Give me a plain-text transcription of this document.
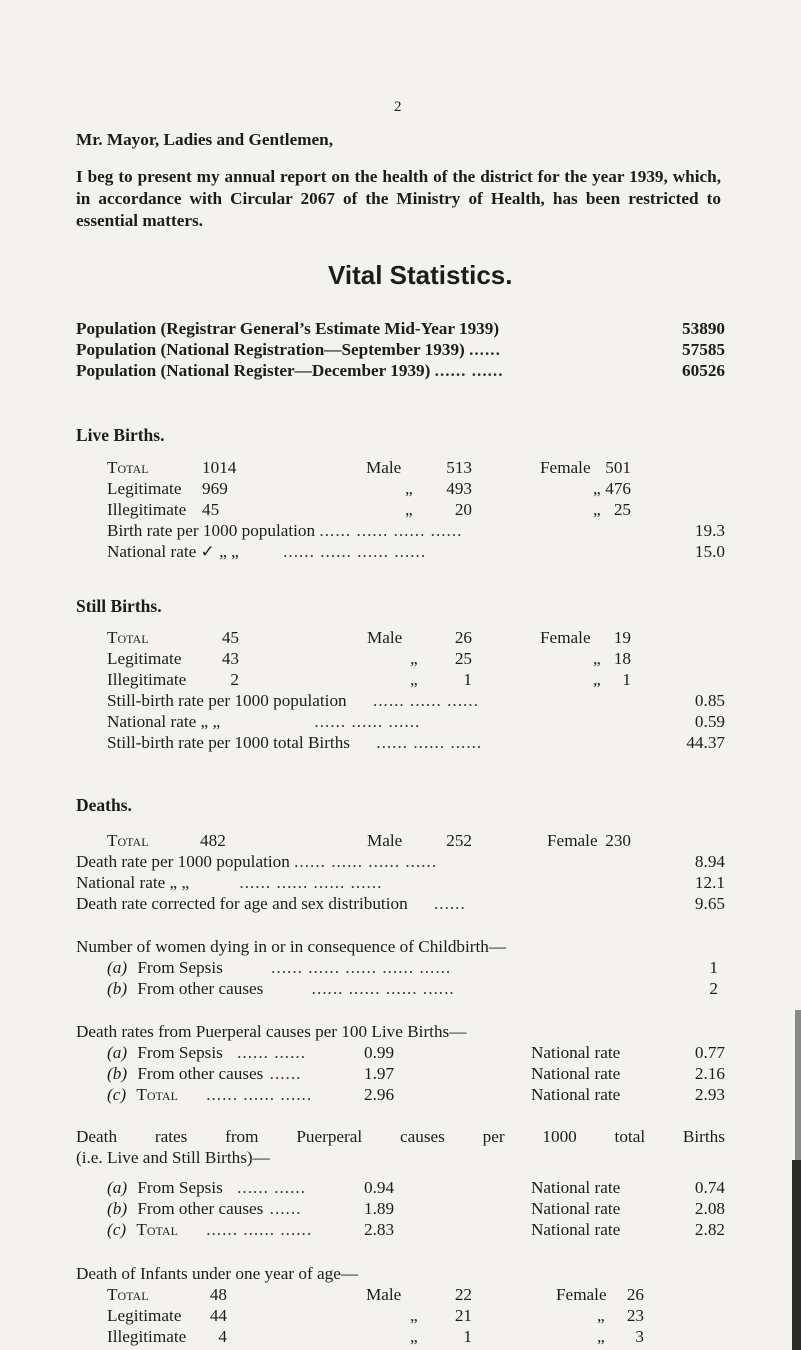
2
Mr. Mayor, Ladies and Gentlemen,
I beg to present my annual report on the health of the district for the year 1939, which, in accordance with Circular 2067 of the Ministry of Health, has been restricted to essential matters.
Vital Statistics.
Population (Registrar General’s Estimate Mid-Year 1939)	53890
Population (National Registration—September 1939) ......	57585
Population (National Register—December 1939) ...... ......	60526
Live Births.
Total	1014	Male	513	Female 501
Legitimate 969	„ 493	„ 476
Illegitimate 45	„ 20	„ 25
Birth rate per 1000 population ...... ...... ...... ......	19.3
National rate ✓ „ „	...... ...... ...... ......	15.0
Still Births.
Total	45	Male	26	Female 19
Legitimate 43	„ 25	„ 18
Illegitimate	2	„	1	„ 1
Still-birth rate per 1000 population ...... ...... ......	0.85
National rate „ „	...... ...... ......	0.59
Still-birth rate per 1000 total Births ...... ...... ......	44.37
Deaths.
Total	482	Male	252	Female 230
Death rate per 1000 population ...... ...... ...... ......	8.94
National rate „ „	...... ...... ...... ......	12.1
Death rate corrected for age and sex distribution ......	9.65
Number of women dying in or in consequence of Childbirth—
(a) From Sepsis	...... ...... ...... ...... ......	1
(b) From other causes	...... ...... ...... ......	2
Death rates from Puerperal causes per 100 Live Births—
(a) From Sepsis ...... ......	0.99	National rate	0.77
(b) From other causes ......	1.97	National rate	2.16
(c) Total ...... ...... ......	2.96	National rate	2.93
Death rates from Puerperal causes per 1000 total Births
(i.e. Live and Still Births)—
(a) From Sepsis ...... ......	0.94	National rate	0.74
(b) From other causes ......	1.89	National rate	2.08
(c) Total ...... ...... ......	2.83	National rate	2.82
Death of Infants under one year of age—
Total	48	Male	22	Female 26
Legitimate 44	„ 21	„ 23
Illegitimate 4	„	1	„ 3
